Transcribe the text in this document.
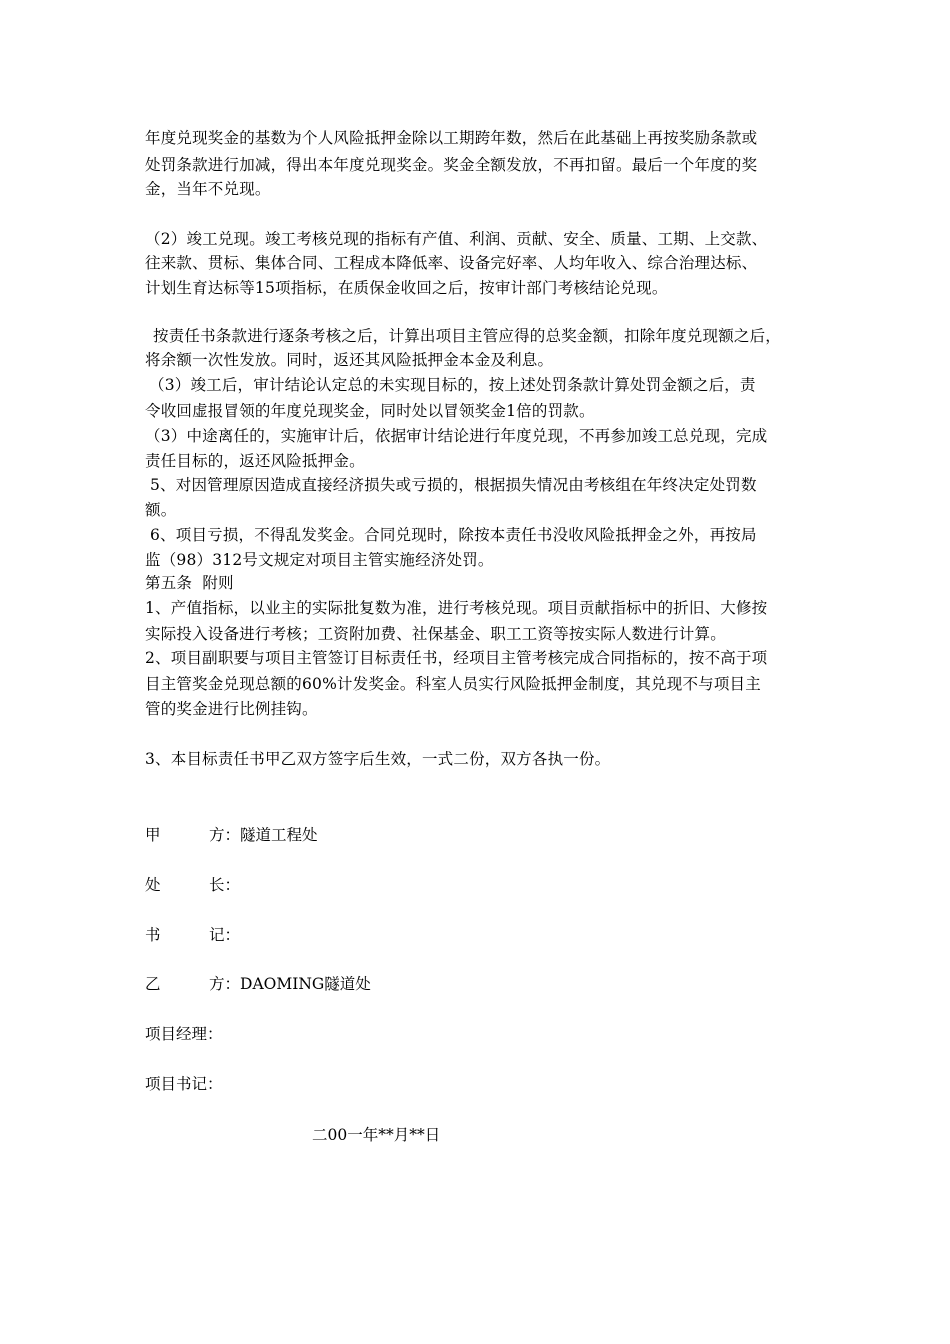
年度兑现奖金的基数为个人风险抵押金除以工期跨年数，然后在此基础上再按奖励条款或
处罚条款进行加减，得出本年度兑现奖金。奖金全额发放，不再扣留。最后一个年度的奖
金，当年不兑现。
（2）竣工兑现。竣工考核兑现的指标有产值、利润、贡献、安全、质量、工期、上交款、
往来款、贯标、集体合同、工程成本降低率、设备完好率、人均年收入、综合治理达标、
计划生育达标等15项指标，在质保金收回之后，按审计部门考核结论兑现。
按责任书条款进行逐条考核之后，计算出项目主管应得的总奖金额，扣除年度兑现额之后，
将余额一次性发放。同时，返还其风险抵押金本金及利息。
（3）竣工后，审计结论认定总的未实现目标的，按上述处罚条款计算处罚金额之后，责
令收回虚报冒领的年度兑现奖金，同时处以冒领奖金1倍的罚款。
（3）中途离任的，实施审计后，依据审计结论进行年度兑现，不再参加竣工总兑现，完成
责任目标的，返还风险抵押金。
5、对因管理原因造成直接经济损失或亏损的，根据损失情况由考核组在年终决定处罚数
额。
6、项目亏损，不得乱发奖金。合同兑现时，除按本责任书没收风险抵押金之外，再按局
监（98）312号文规定对项目主管实施经济处罚。
第五条  附则
1、产值指标，以业主的实际批复数为准，进行考核兑现。项目贡献指标中的折旧、大修按
实际投入设备进行考核；工资附加费、社保基金、职工工资等按实际人数进行计算。
2、项目副职要与项目主管签订目标责任书，经项目主管考核完成合同指标的，按不高于项
目主管奖金兑现总额的60%计发奖金。科室人员实行风险抵押金制度，其兑现不与项目主
管的奖金进行比例挂钩。
3、本目标责任书甲乙双方签字后生效，一式二份，双方各执一份。
甲	方：隧道工程处
处	长：
书	记：
乙	方：DAOMING隧道处
项目经理：
项目书记：
二00一年**月**日
